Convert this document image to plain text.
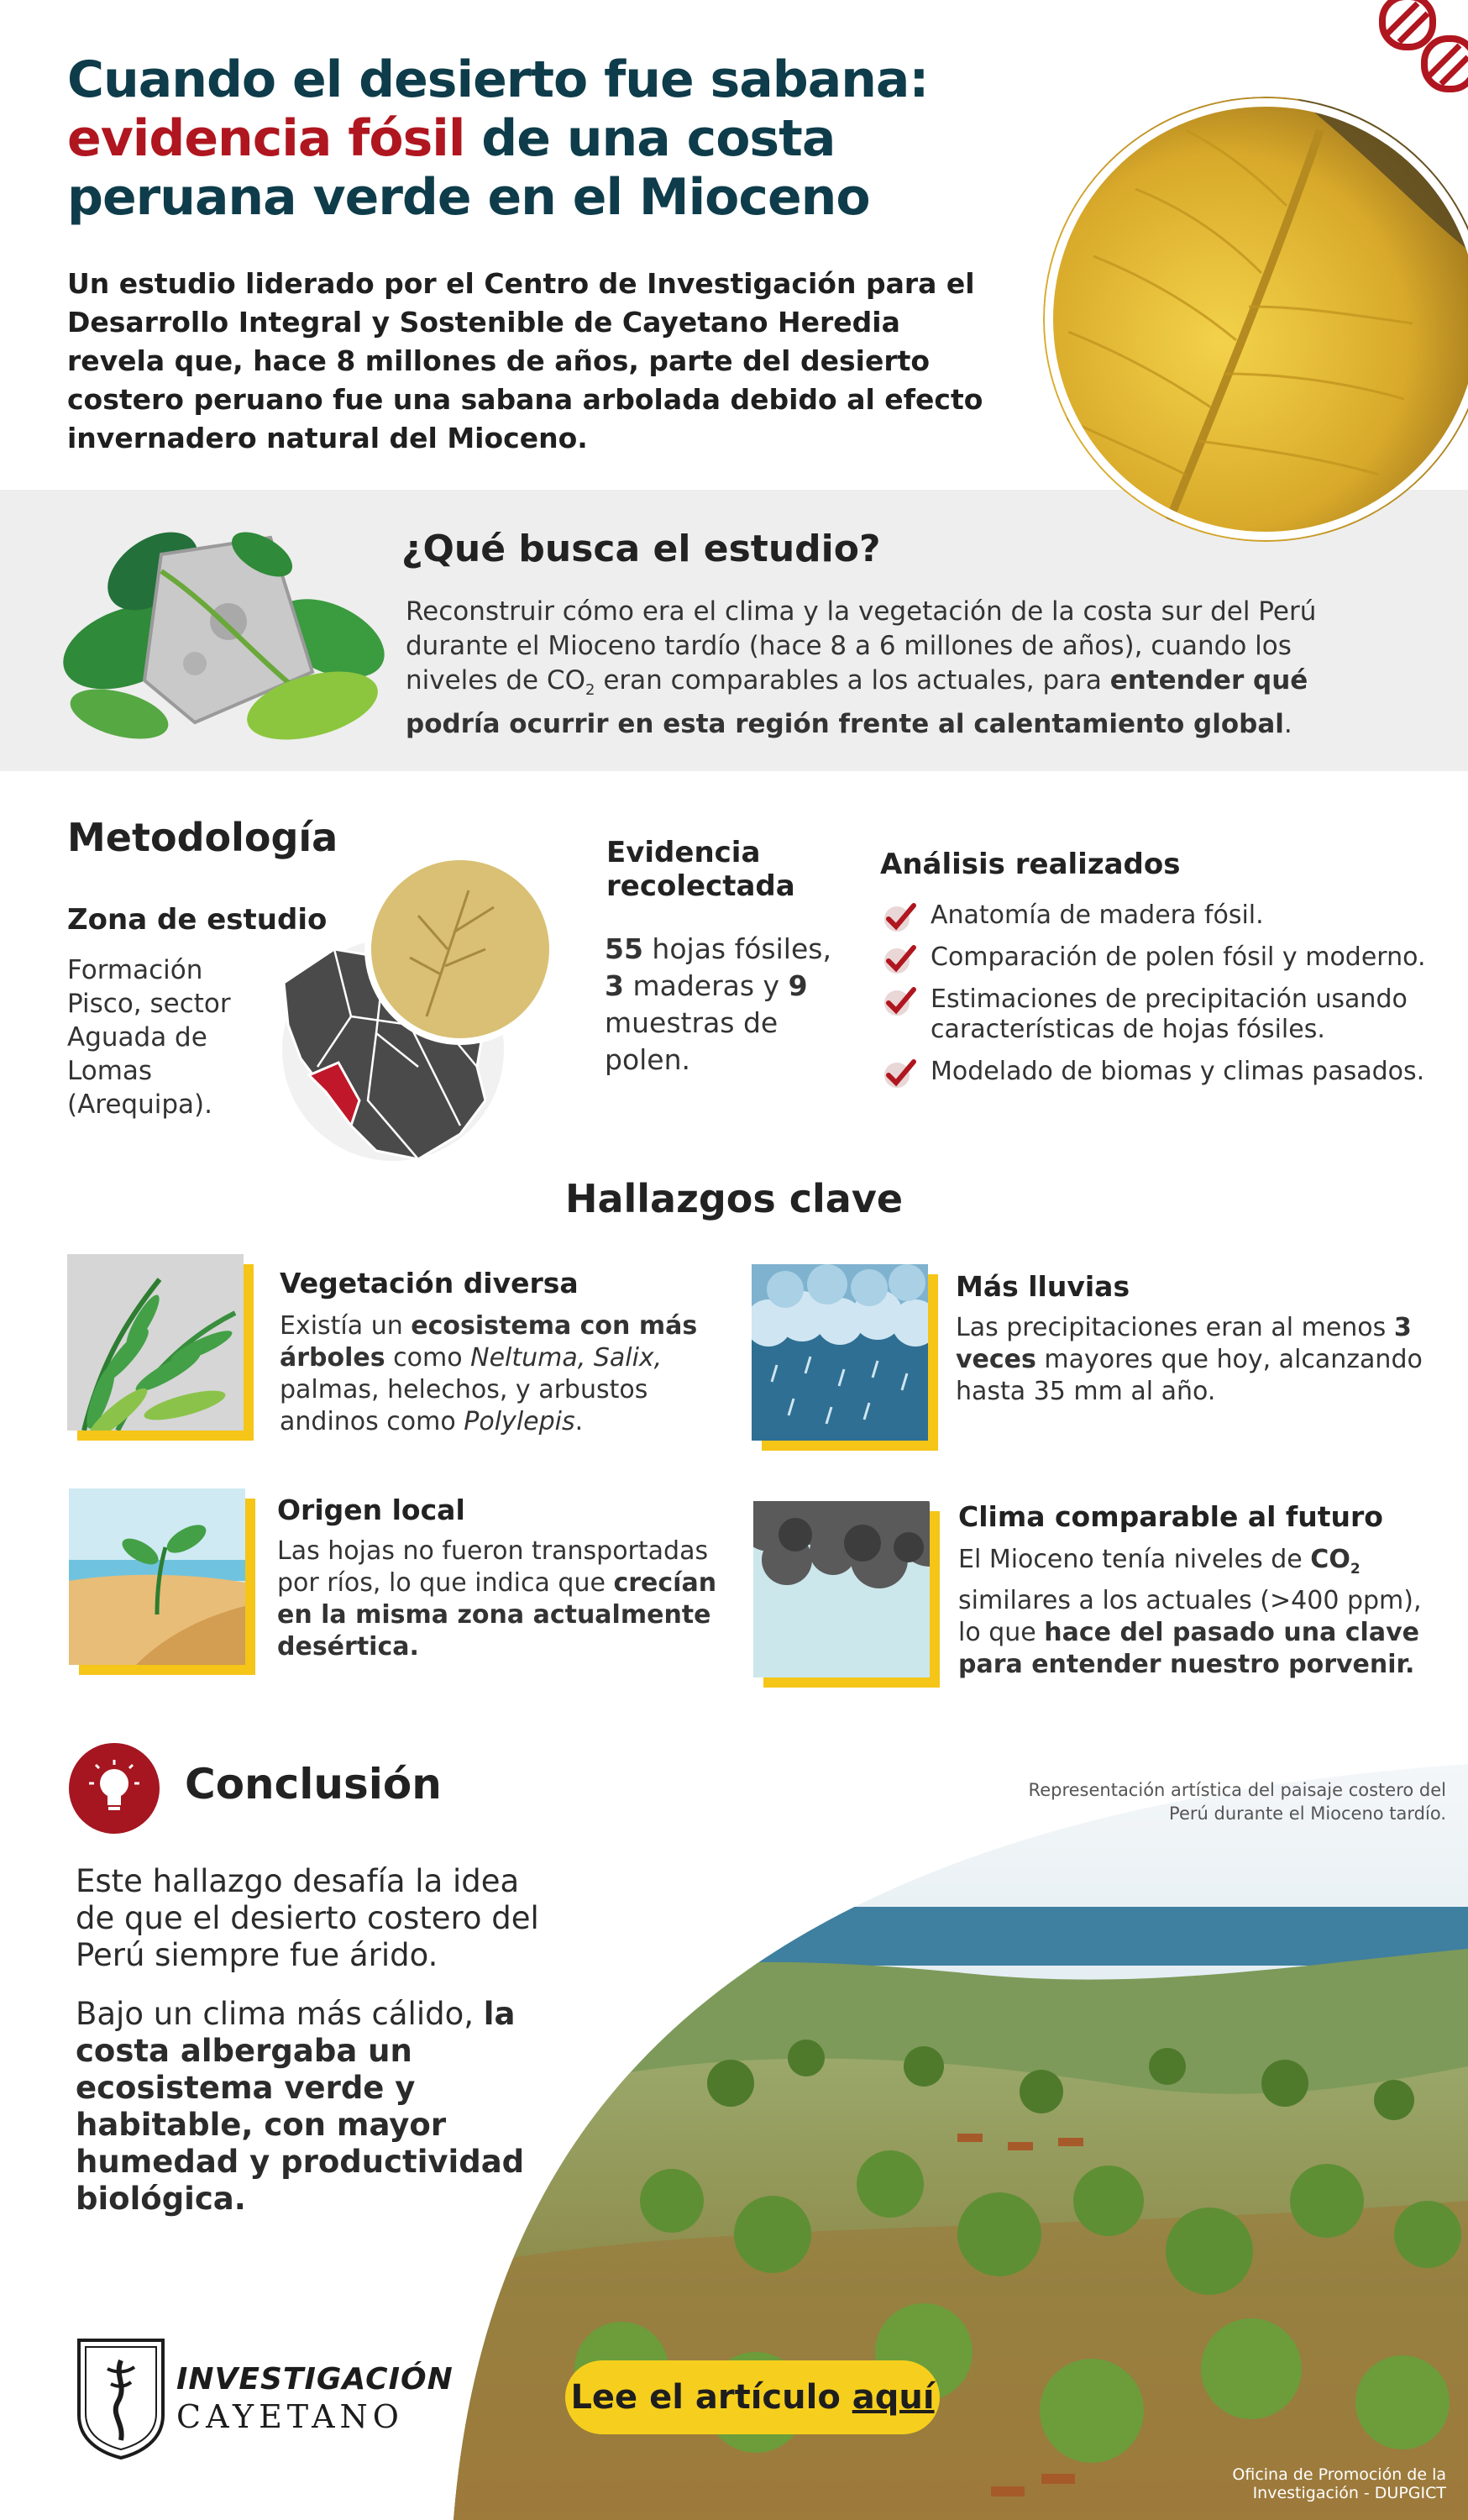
Cuando el desierto fue sabana:
evidencia fósil de una costa
peruana verde en el Mioceno
Un estudio liderado por el Centro de Investigación para el Desarrollo Integral y Sostenible de Cayetano Heredia revela que, hace 8 millones de años, parte del desierto costero peruano fue una sabana arbolada debido al efecto invernadero natural del Mioceno.
¿Qué busca el estudio?
Reconstruir cómo era el clima y la vegetación de la costa sur del Perú durante el Mioceno tardío (hace 8 a 6 millones de años), cuando los niveles de $CO_2$ eran comparables a los actuales, para entender qué podría ocurrir en esta región frente al calentamiento global.
Metodología
Zona de estudio
Formación Pisco, sector Aguada de Lomas (Arequipa).
Evidencia recolectada
55 hojas fósiles,
3 maderas y 9 muestras de polen.
Análisis realizados
Anatomía de madera fósil.
Comparación de polen fósil y moderno.
Estimaciones de precipitación usando características de hojas fósiles.
Modelado de biomas y climas pasados.
Hallazgos clave
Vegetación diversa
Existía un ecosistema con más árboles como Neltuma, Salix, palmas, helechos, y arbustos andinos como Polylepis.
Más lluvias
Las precipitaciones eran al menos 3 veces mayores que hoy, alcanzando hasta 35 mm al año.
Origen local
Las hojas no fueron transportadas por ríos, lo que indica que crecían en la misma zona actualmente desértica.
Clima comparable al futuro
El Mioceno tenía niveles de $CO_2$ similares a los actuales (>400 ppm), lo que hace del pasado una clave para entender nuestro porvenir.
Representación artística del paisaje costero del Perú durante el Mioceno tardío.
Conclusión
Este hallazgo desafía la idea de que el desierto costero del Perú siempre fue árido.
Bajo un clima más cálido, la costa albergaba un ecosistema verde y habitable, con mayor humedad y productividad biológica.
INVESTIGACIÓN
CAYETANO	Lee el artículo aquí
Oficina de Promoción de la Investigación - DUPGICT
